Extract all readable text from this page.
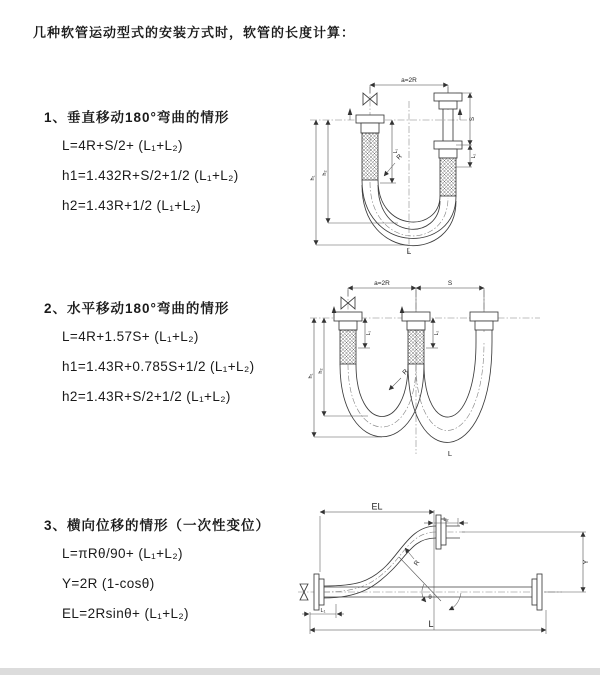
几种软管运动型式的安装方式时，软管的长度计算：
1、垂直移动180°弯曲的情形
L=4R+S/2+ (L₁+L₂)
h1=1.432R+S/2+1/2 (L₁+L₂)
h2=1.43R+1/2 (L₁+L₂)
a=2R
h₁
h₂
L₁
S
L₂
R
L
2、水平移动180°弯曲的情形
L=4R+1.57S+ (L₁+L₂)
h1=1.43R+0.785S+1/2 (L₁+L₂)
h2=1.43R+S/2+1/2 (L₁+L₂)
a=2R	S
h₁
h₂
L₁	L₂
R
L
3、横向位移的情形（一次性变位）
L=πRθ/90+ (L₁+L₂)
Y=2R (1-cosθ)
EL=2Rsinθ+ (L₁+L₂)
EL
L₂
Y
L
L₁
θ
R
